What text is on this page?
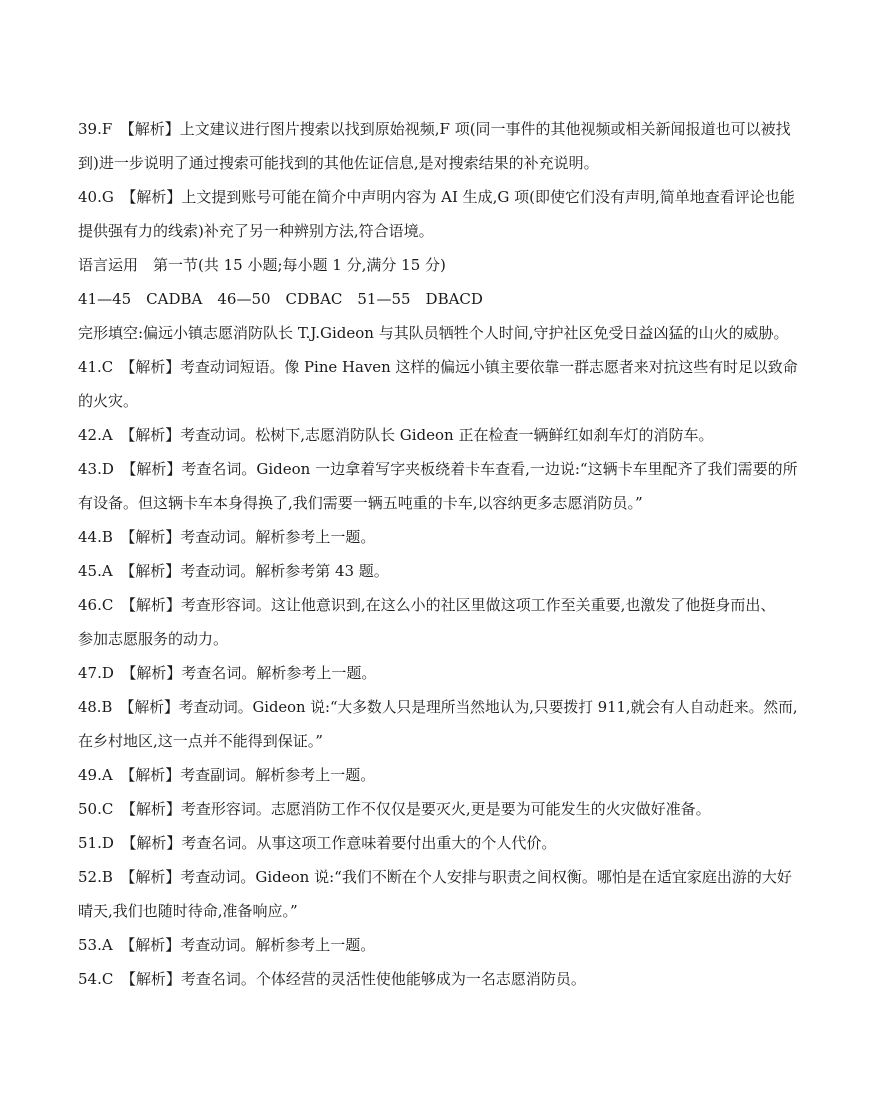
39.F　【解析】上文建议进行图片搜索以找到原始视频,F 项(同一事件的其他视频或相关新闻报道也可以被找
到)进一步说明了通过搜索可能找到的其他佐证信息,是对搜索结果的补充说明。
40.G　【解析】上文提到账号可能在简介中声明内容为 AI 生成,G 项(即使它们没有声明,简单地查看评论也能
提供强有力的线索)补充了另一种辨别方法,符合语境。
语言运用　第一节(共 15 小题;每小题 1 分,满分 15 分)
41—45　CADBA　46—50　CDBAC　51—55　DBACD
完形填空:偏远小镇志愿消防队长 T.J.Gideon 与其队员牺牲个人时间,守护社区免受日益凶猛的山火的威胁。
41.C　【解析】考查动词短语。像 Pine Haven 这样的偏远小镇主要依靠一群志愿者来对抗这些有时足以致命
的火灾。
42.A　【解析】考查动词。松树下,志愿消防队长 Gideon 正在检查一辆鲜红如刹车灯的消防车。
43.D　【解析】考查名词。Gideon 一边拿着写字夹板绕着卡车查看,一边说:“这辆卡车里配齐了我们需要的所
有设备。但这辆卡车本身得换了,我们需要一辆五吨重的卡车,以容纳更多志愿消防员。”
44.B　【解析】考查动词。解析参考上一题。
45.A　【解析】考查动词。解析参考第 43 题。
46.C　【解析】考查形容词。这让他意识到,在这么小的社区里做这项工作至关重要,也激发了他挺身而出、
参加志愿服务的动力。
47.D　【解析】考查名词。解析参考上一题。
48.B　【解析】考查动词。Gideon 说:“大多数人只是理所当然地认为,只要拨打 911,就会有人自动赶来。然而,
在乡村地区,这一点并不能得到保证。”
49.A　【解析】考查副词。解析参考上一题。
50.C　【解析】考查形容词。志愿消防工作不仅仅是要灭火,更是要为可能发生的火灾做好准备。
51.D　【解析】考查名词。从事这项工作意味着要付出重大的个人代价。
52.B　【解析】考查动词。Gideon 说:“我们不断在个人安排与职责之间权衡。哪怕是在适宜家庭出游的大好
晴天,我们也随时待命,准备响应。”
53.A　【解析】考查动词。解析参考上一题。
54.C　【解析】考查名词。个体经营的灵活性使他能够成为一名志愿消防员。
